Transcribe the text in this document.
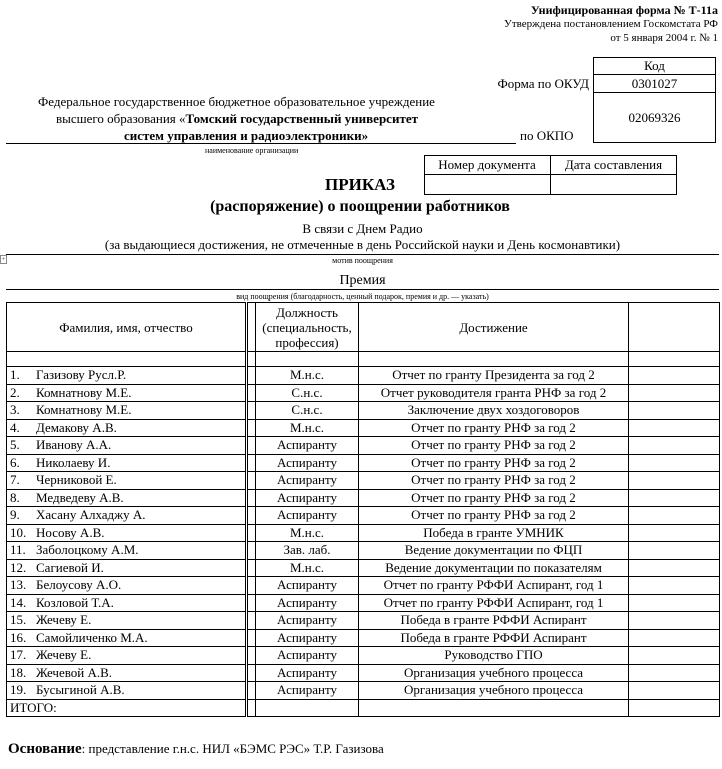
Унифицированная форма № Т-11а
Утверждена постановлением Госкомстата РФ
от 5 января 2004 г. № 1
Код
0301027
02069326
Форма по ОКУД
Федеральное государственное бюджетное образовательное учреждение
высшего образования «Томский государственный университет
систем управления и радиоэлектроники»	по ОКПО
наименование организации
Номер документа	Дата составления
ПРИКАЗ
(распоряжение) о поощрении работников
В связи с Днем Радио
(за выдающиеся достижения, не отмеченные в день Российской науки и День космонавтики)
мотив поощрения
+
Премия
вид поощрения (благодарность, ценный подарок, премия и др. — указать)
Фамилия, имя, отчество		Должность
(специальность,
профессия)	Достижение	

1. Газизову Русл.Р.		М.н.с.	Отчет по гранту Президента за год 2	
2. Комнатнову М.Е.		С.н.с.	Отчет руководителя гранта РНФ за год 2	
3. Комнатнову М.Е.		С.н.с.	Заключение двух хоздоговоров	
4. Демакову А.В.		М.н.с.	Отчет по гранту РНФ за год 2	
5. Иванову А.А.		Аспиранту	Отчет по гранту РНФ за год 2	
6. Николаеву И.		Аспиранту	Отчет по гранту РНФ за год 2	
7. Черниковой Е.		Аспиранту	Отчет по гранту РНФ за год 2	
8. Медведеву А.В.		Аспиранту	Отчет по гранту РНФ за год 2	
9. Хасану Алхаджу А.		Аспиранту	Отчет по гранту РНФ за год 2	
10. Носову А.В.		М.н.с.	Победа в гранте УМНИК	
11. Заболоцкому А.М.		Зав. лаб.	Ведение документации по ФЦП	
12. Сагиевой И.		М.н.с.	Ведение документации по показателям	
13. Белоусову А.О.		Аспиранту	Отчет по гранту РФФИ Аспирант, год 1	
14. Козловой Т.А.		Аспиранту	Отчет по гранту РФФИ Аспирант, год 1	
15. Жечеву Е.		Аспиранту	Победа в гранте РФФИ Аспирант	
16. Самойличенко М.А.		Аспиранту	Победа в гранте РФФИ Аспирант	
17. Жечеву Е.		Аспиранту	Руководство ГПО	
18. Жечевой А.В.		Аспиранту	Организация учебного процесса	
19. Бусыгиной А.В.		Аспиранту	Организация учебного процесса	
ИТОГО:				
Основание: представление г.н.с. НИЛ «БЭМС РЭС» Т.Р. Газизова
